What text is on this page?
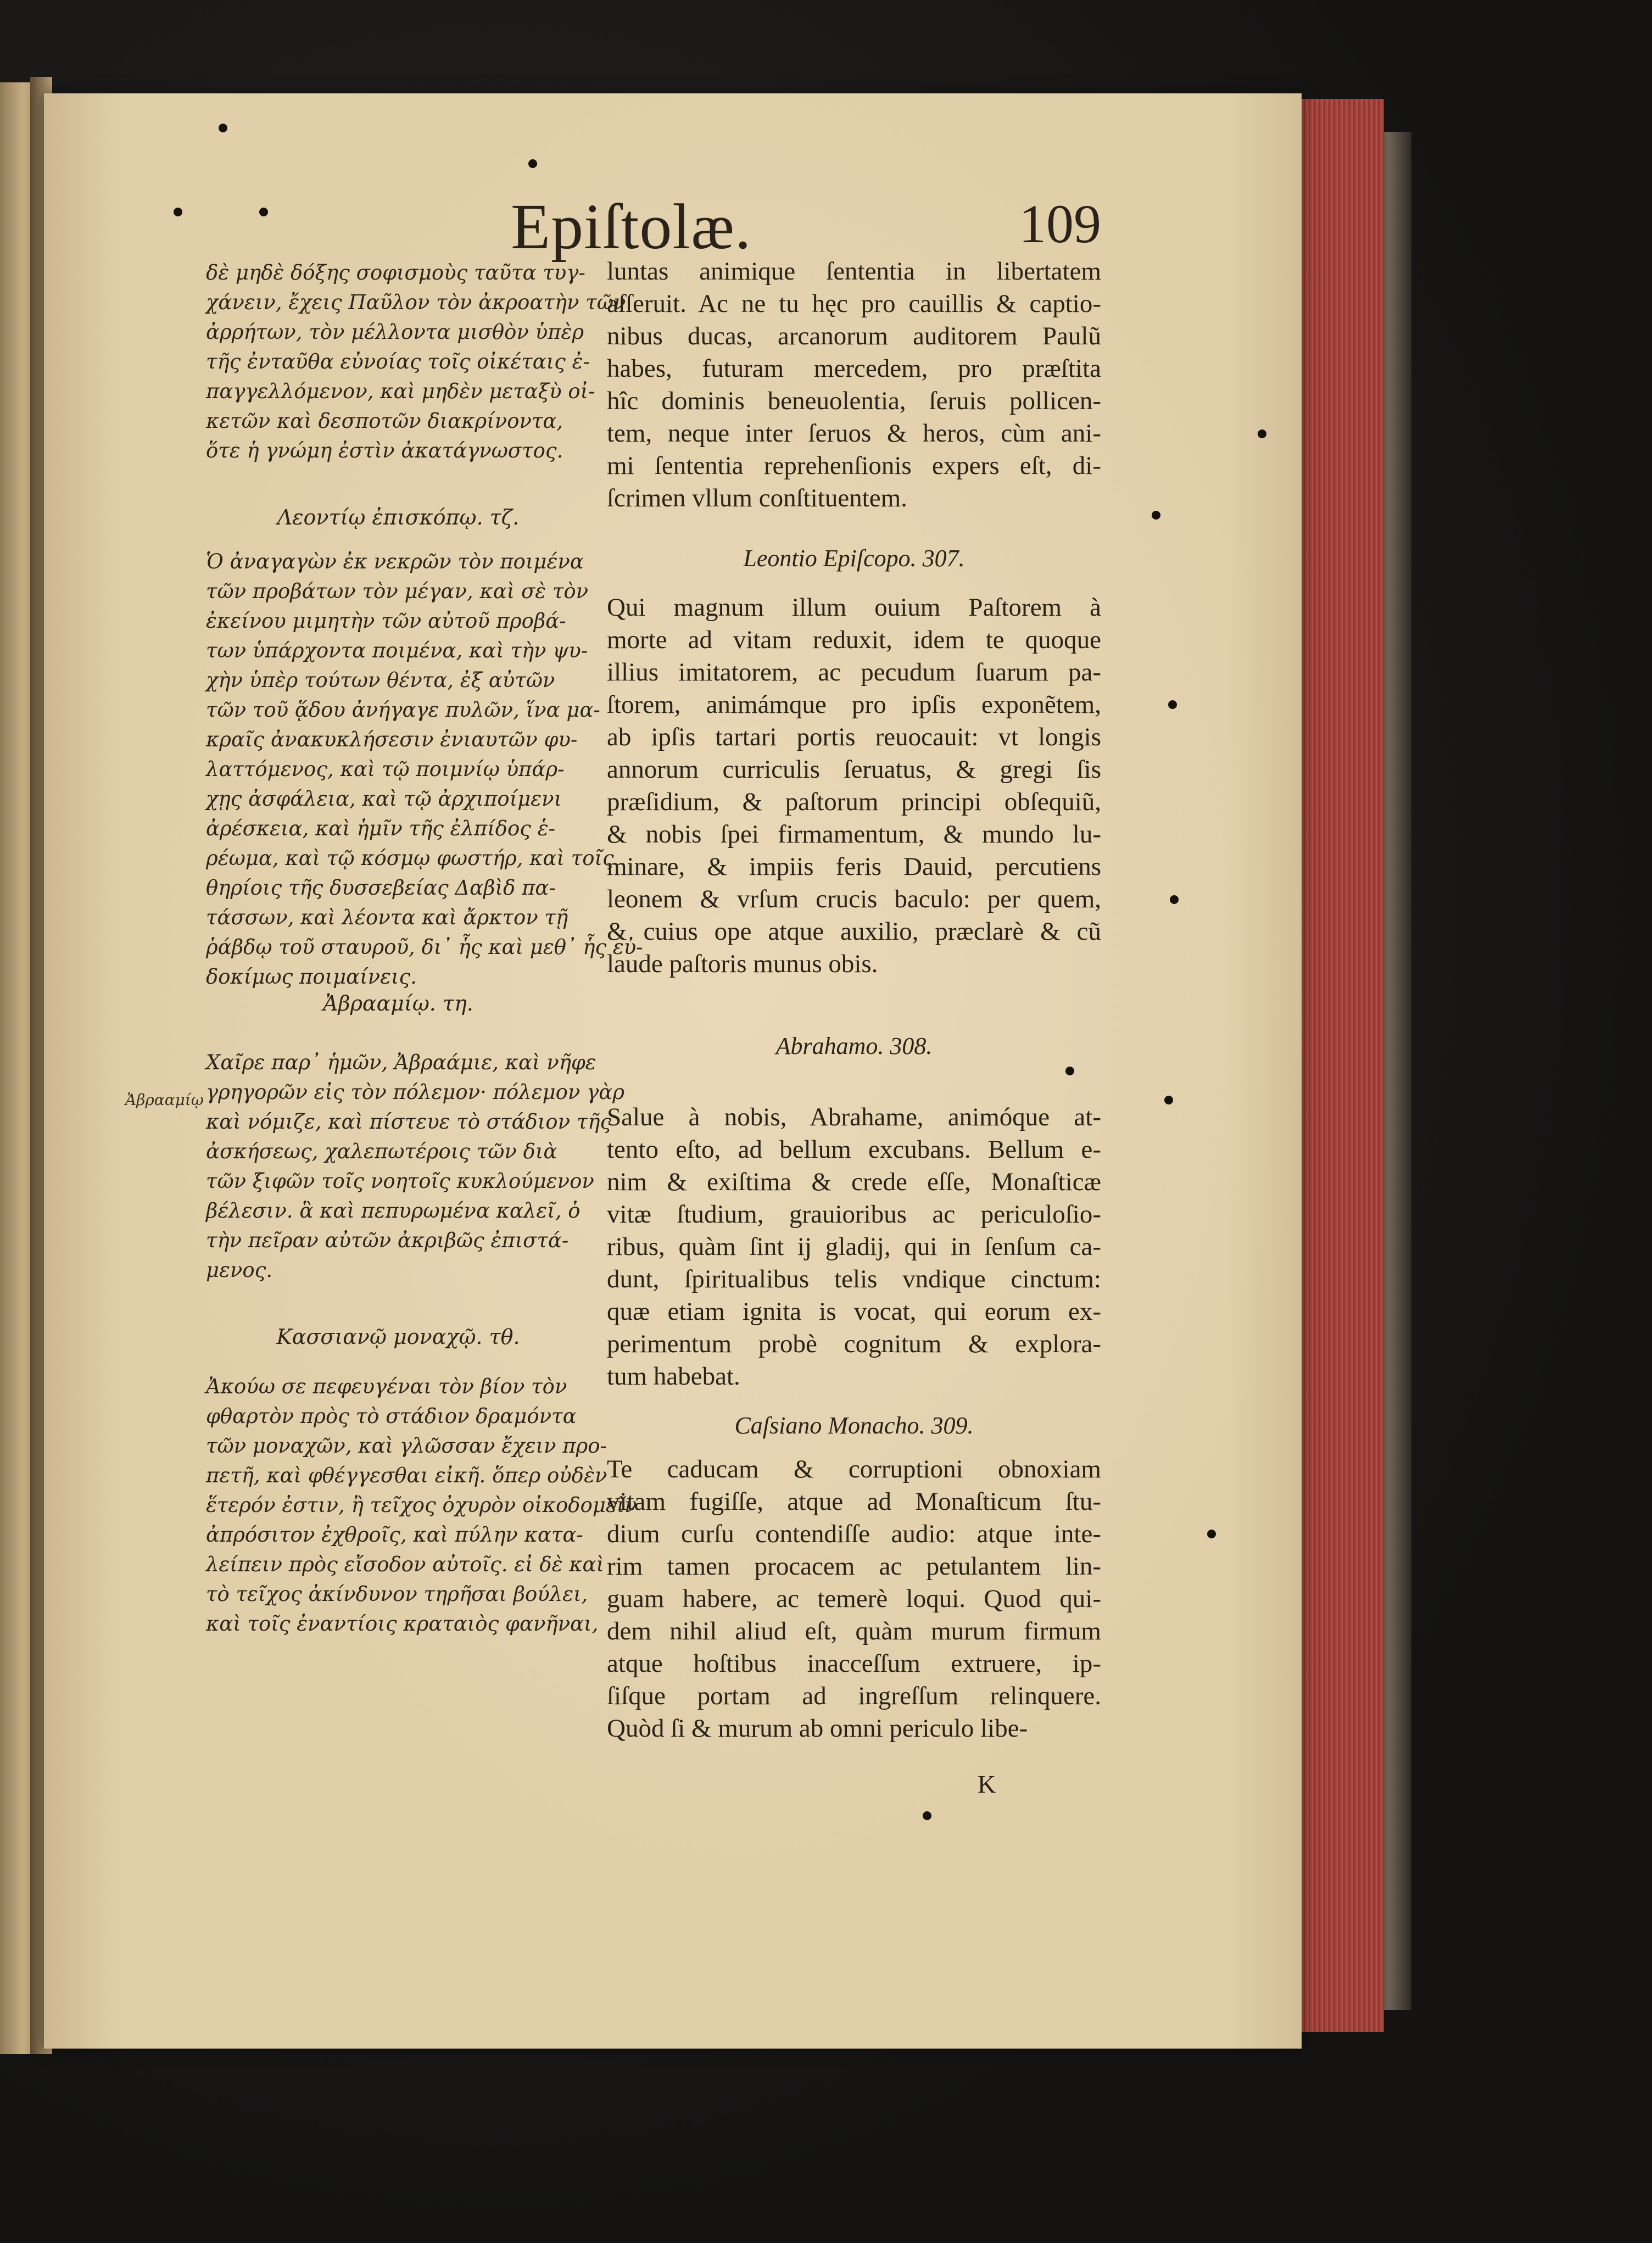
Epiſtolæ.	109
δὲ μηδὲ δόξης σοφισμοὺς ταῦτα τυγ-
χάνειν, ἔχεις Παῦλον τὸν ἀκροατὴν τῶν
ἀρρήτων, τὸν μέλλοντα μισθὸν ὑπὲρ
τῆς ἐνταῦθα εὐνοίας τοῖς οἰκέταις ἐ-
παγγελλόμενον, καὶ μηδὲν μεταξὺ οἰ-
κετῶν καὶ δεσποτῶν διακρίνοντα,
ὅτε ἡ γνώμη ἐστὶν ἀκατάγνωστος.
Λεοντίῳ ἐπισκόπῳ. τζ.
Ὁ ἀναγαγὼν ἐκ νεκρῶν τὸν ποιμένα
τῶν προβάτων τὸν μέγαν, καὶ σὲ τὸν
ἐκείνου μιμητὴν τῶν αὐτοῦ προβά-
των ὑπάρχοντα ποιμένα, καὶ τὴν ψυ-
χὴν ὑπὲρ τούτων θέντα, ἐξ αὐτῶν
τῶν τοῦ ᾅδου ἀνήγαγε πυλῶν, ἵνα μα-
κραῖς ἀνακυκλήσεσιν ἐνιαυτῶν φυ-
λαττόμενος, καὶ τῷ ποιμνίῳ ὑπάρ-
χῃς ἀσφάλεια, καὶ τῷ ἀρχιποίμενι
ἀρέσκεια, καὶ ἡμῖν τῆς ἐλπίδος ἑ-
ρέωμα, καὶ τῷ κόσμῳ φωστήρ, καὶ τοῖς
θηρίοις τῆς δυσσεβείας Δαβὶδ πα-
τάσσων, καὶ λέοντα καὶ ἄρκτον τῇ
ῥάβδῳ τοῦ σταυροῦ, δι᾽ ἧς καὶ μεθ᾽ ἧς εὐ-
δοκίμως ποιμαίνεις.
Ἀβρααμίῳ. τη.
Χαῖρε παρ᾽ ἡμῶν, Ἀβραάμιε, καὶ νῆφε
γρηγορῶν εἰς τὸν πόλεμον· πόλεμον γὰρ
καὶ νόμιζε, καὶ πίστευε τὸ στάδιον τῆς
ἀσκήσεως, χαλεπωτέροις τῶν διὰ
τῶν ξιφῶν τοῖς νοητοῖς κυκλούμενον
βέλεσιν. ἃ καὶ πεπυρωμένα καλεῖ, ὁ
τὴν πεῖραν αὐτῶν ἀκριβῶς ἐπιστά-
μενος.
Κασσιανῷ μοναχῷ. τθ.
Ἀκούω σε πεφευγέναι τὸν βίον τὸν
φθαρτὸν πρὸς τὸ στάδιον δραμόντα
τῶν μοναχῶν, καὶ γλῶσσαν ἔχειν προ-
πετῆ, καὶ φθέγγεσθαι εἰκῆ. ὅπερ οὐδὲν
ἕτερόν ἐστιν, ἢ τεῖχος ὀχυρὸν οἰκοδομεῖν
ἀπρόσιτον ἐχθροῖς, καὶ πύλην κατα-
λείπειν πρὸς εἴσοδον αὐτοῖς. εἰ δὲ καὶ
τὸ τεῖχος ἀκίνδυνον τηρῆσαι βούλει,
καὶ τοῖς ἐναντίοις κραταιὸς φανῆναι,
Ἀβρααμίῳ
luntas animique ſententia in libertatem
aſſeruit. Ac ne tu hęc pro cauillis & captio-
nibus ducas, arcanorum auditorem Paulũ
habes, futuram mercedem, pro præſtita
hîc dominis beneuolentia, ſeruis pollicen-
tem, neque inter ſeruos & heros, cùm ani-
mi ſententia reprehenſionis expers eſt, di-
ſcrimen vllum conſtituentem.
Leontio Epiſcopo. 307.
Qui magnum illum ouium Paſtorem à
morte ad vitam reduxit, idem te quoque
illius imitatorem, ac pecudum ſuarum pa-
ſtorem, animámque pro ipſis exponẽtem,
ab ipſis tartari portis reuocauit: vt longis
annorum curriculis ſeruatus, & gregi ſis
præſidium, & paſtorum principi obſequiũ,
& nobis ſpei firmamentum, & mundo lu-
minare, & impiis feris Dauid, percutiens
leonem & vrſum crucis baculo: per quem,
& cuius ope atque auxilio, præclarè & cũ
laude paſtoris munus obis.
Abrahamo. 308.
Salue à nobis, Abrahame, animóque at-
tento eſto, ad bellum excubans. Bellum e-
nim & exiſtima & crede eſſe, Monaſticæ
vitæ ſtudium, grauioribus ac periculoſio-
ribus, quàm ſint ij gladij, qui in ſenſum ca-
dunt, ſpiritualibus telis vndique cinctum:
quæ etiam ignita is vocat, qui eorum ex-
perimentum probè cognitum & explora-
tum habebat.
Caſsiano Monacho. 309.
Te caducam & corruptioni obnoxiam
vitam fugiſſe, atque ad Monaſticum ſtu-
dium curſu contendiſſe audio: atque inte-
rim tamen procacem ac petulantem lin-
guam habere, ac temerè loqui. Quod qui-
dem nihil aliud eſt, quàm murum firmum
atque hoſtibus inacceſſum extruere, ip-
ſiſque portam ad ingreſſum relinquere.
Quòd ſi & murum ab omni periculo libe-
K
